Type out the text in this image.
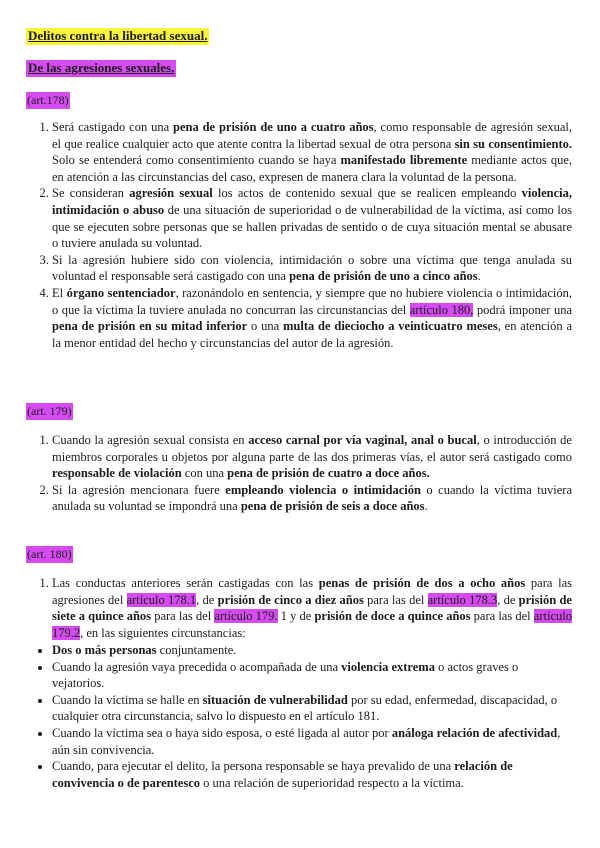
Delitos contra la libertad sexual.
De las agresiones sexuales.
(art.178)
1. Será castigado con una pena de prisión de uno a cuatro años, como responsable de agresión sexual, el que realice cualquier acto que atente contra la libertad sexual de otra persona sin su consentimiento. Solo se entenderá como consentimiento cuando se haya manifestado libremente mediante actos que, en atención a las circunstancias del caso, expresen de manera clara la voluntad de la persona.
2. Se consideran agresión sexual los actos de contenido sexual que se realicen empleando violencia, intimidación o abuso de una situación de superioridad o de vulnerabilidad de la víctima, así como los que se ejecuten sobre personas que se hallen privadas de sentido o de cuya situación mental se abusare o tuviere anulada su voluntad.
3. Si la agresión hubiere sido con violencia, intimidación o sobre una víctima que tenga anulada su voluntad el responsable será castigado con una pena de prisión de uno a cinco años.
4. El órgano sentenciador, razonándolo en sentencia, y siempre que no hubiere violencia o intimidación, o que la víctima la tuviere anulada no concurran las circunstancias del artículo 180, podrá imponer una pena de prisión en su mitad inferior o una multa de dieciocho a veinticuatro meses, en atención a la menor entidad del hecho y circunstancias del autor de la agresión.
(art. 179)
1. Cuando la agresión sexual consista en acceso carnal por vía vaginal, anal o bucal, o introducción de miembros corporales u objetos por alguna parte de las dos primeras vías, el autor será castigado como responsable de violación con una pena de prisión de cuatro a doce años.
2. Si la agresión mencionara fuere empleando violencia o intimidación o cuando la víctima tuviera anulada su voluntad se impondrá una pena de prisión de seis a doce años.
(art. 180)
1. Las conductas anteriores serán castigadas con las penas de prisión de dos a ocho años para las agresiones del artículo 178.1, de prisión de cinco a diez años para las del artículo 178.3, de prisión de siete a quince años para las del artículo 179. 1 y de prisión de doce a quince años para las del artículo 179.2, en las siguientes circunstancias:
• Dos o más personas conjuntamente.
• Cuando la agresión vaya precedida o acompañada de una violencia extrema o actos graves o vejatorios.
• Cuando la víctima se halle en situación de vulnerabilidad por su edad, enfermedad, discapacidad, o cualquier otra circunstancia, salvo lo dispuesto en el artículo 181.
• Cuando la víctima sea o haya sido esposa, o esté ligada al autor por análoga relación de afectividad, aún sin convivencia.
• Cuando, para ejecutar el delito, la persona responsable se haya prevalido de una relación de convivencia o de parentesco o una relación de superioridad respecto a la víctima.
